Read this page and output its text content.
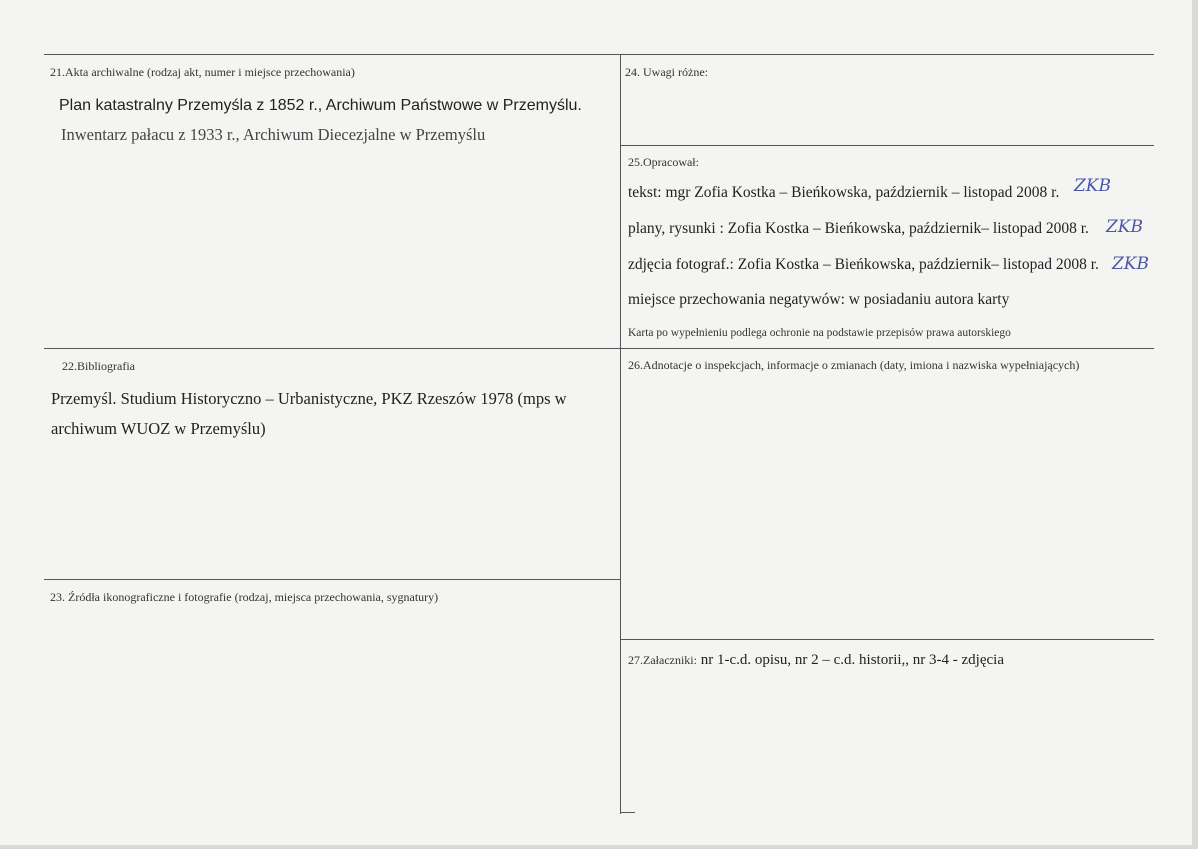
21.Akta archiwalne (rodzaj akt, numer i miejsce przechowania)
Plan katastralny Przemyśla z 1852 r., Archiwum Państwowe w Przemyślu.
Inwentarz pałacu z 1933 r., Archiwum Diecezjalne w Przemyślu
22.Bibliografia
Przemyśl. Studium Historyczno – Urbanistyczne, PKZ Rzeszów 1978 (mps w
archiwum WUOZ w Przemyślu)
23. Źródła ikonograficzne i fotografie (rodzaj, miejsca przechowania, sygnatury)
24. Uwagi różne:
25.Opracował:
tekst: mgr Zofia Kostka – Bieńkowska, październik – listopad 2008 r. ZKB
plany, rysunki : Zofia Kostka – Bieńkowska, październik– listopad 2008 r. ZKB
zdjęcia fotograf.: Zofia Kostka – Bieńkowska, październik– listopad 2008 r. ZKB
miejsce przechowania negatywów: w posiadaniu autora karty
Karta po wypełnieniu podlega ochronie na podstawie przepisów prawa autorskiego
26.Adnotacje o inspekcjach, informacje o zmianach (daty, imiona i nazwiska wypełniających)
27.Załaczniki: nr 1-c.d. opisu, nr 2 – c.d. historii,, nr 3-4 - zdjęcia
